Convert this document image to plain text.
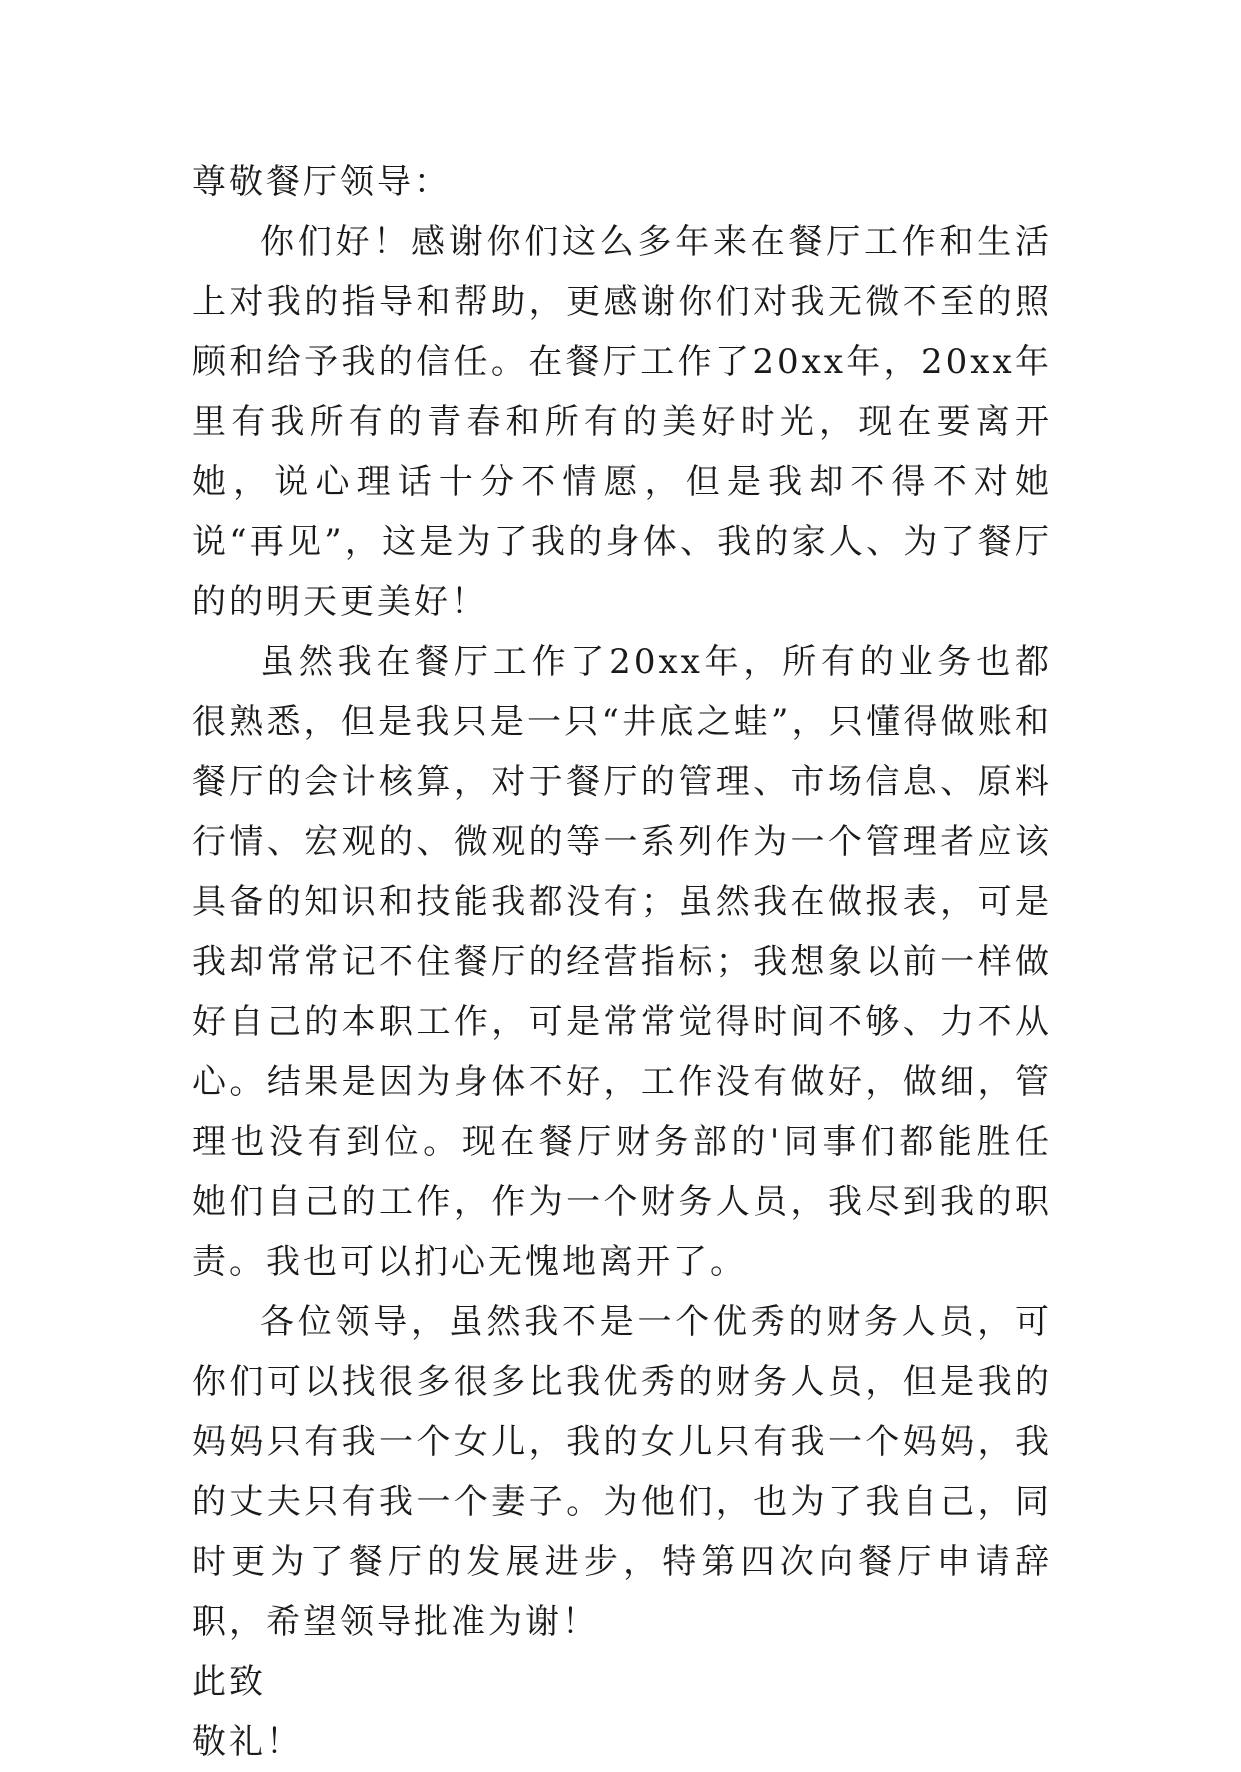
尊敬餐厅领导：

你们好！感谢你们这么多年来在餐厅工作和生活上对我的指导和帮助，更感谢你们对我无微不至的照顾和给予我的信任。在餐厅工作了20xx年，20xx年里有我所有的青春和所有的美好时光，现在要离开她，说心理话十分不情愿，但是我却不得不对她说“再见”，这是为了我的身体、我的家人、为了餐厅的的明天更美好！

虽然我在餐厅工作了20xx年，所有的业务也都很熟悉，但是我只是一只“井底之蛙”，只懂得做账和餐厅的会计核算，对于餐厅的管理、市场信息、原料行情、宏观的、微观的等一系列作为一个管理者应该具备的知识和技能我都没有；虽然我在做报表，可是我却常常记不住餐厅的经营指标；我想象以前一样做好自己的本职工作，可是常常觉得时间不够、力不从心。结果是因为身体不好，工作没有做好，做细，管理也没有到位。现在餐厅财务部的'同事们都能胜任她们自己的工作，作为一个财务人员，我尽到我的职责。我也可以扪心无愧地离开了。

各位领导，虽然我不是一个优秀的财务人员，可你们可以找很多很多比我优秀的财务人员，但是我的妈妈只有我一个女儿，我的女儿只有我一个妈妈，我的丈夫只有我一个妻子。为他们，也为了我自己，同时更为了餐厅的发展进步，特第四次向餐厅申请辞职，希望领导批准为谢！

此致

敬礼！
